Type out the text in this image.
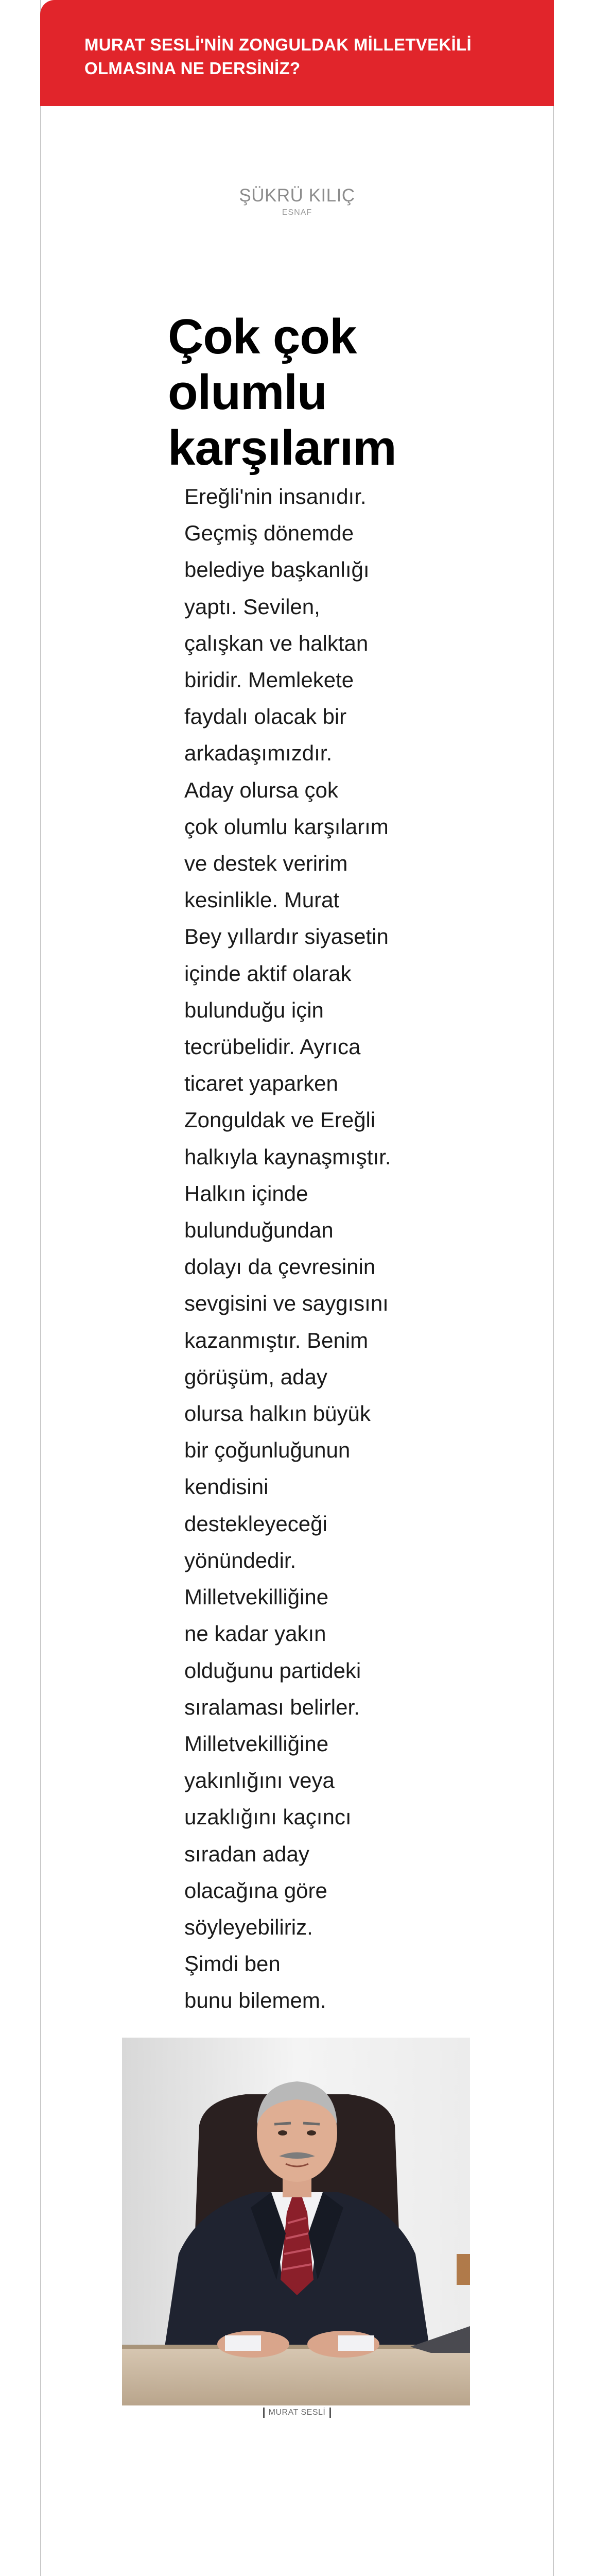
MURAT SESLİ'NİN ZONGULDAK MİLLETVEKİLİ
OLMASINA NE DERSİNİZ?
ŞÜKRÜ KILIÇ
ESNAF
Çok çok
olumlu
karşılarım
Ereğli'nin insanıdır.
Geçmiş dönemde
belediye başkanlığı
yaptı. Sevilen,
çalışkan ve halktan
biridir. Memlekete
faydalı olacak bir
arkadaşımızdır.
Aday olursa çok
çok olumlu karşılarım
ve destek veririm
kesinlikle. Murat
Bey yıllardır siyasetin
içinde aktif olarak
bulunduğu için
tecrübelidir. Ayrıca
ticaret yaparken
Zonguldak ve Ereğli
halkıyla kaynaşmıştır.
Halkın içinde
bulunduğundan
dolayı da çevresinin
sevgisini ve saygısını
kazanmıştır. Benim
görüşüm, aday
olursa halkın büyük
bir çoğunluğunun
kendisini
destekleyeceği
yönündedir.
Milletvekilliğine
ne kadar yakın
olduğunu partideki
sıralaması belirler.
Milletvekilliğine
yakınlığını veya
uzaklığını kaçıncı
sıradan aday
olacağına göre
söyleyebiliriz.
Şimdi ben
bunu bilemem.
MURAT SESLİ
